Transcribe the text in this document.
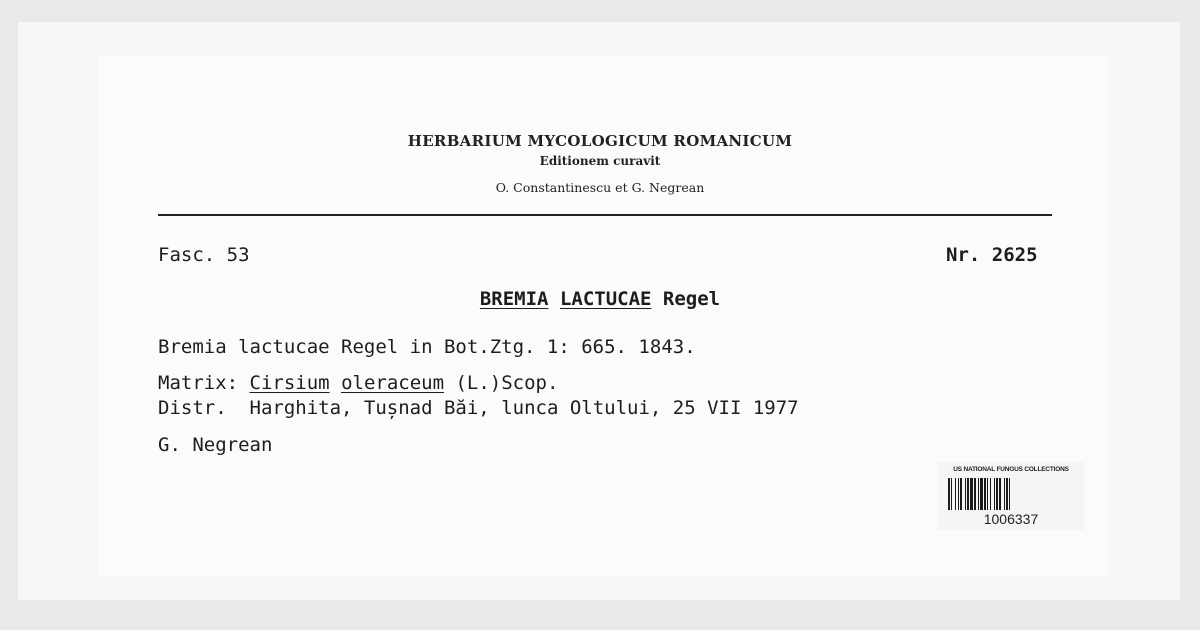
HERBARIUM MYCOLOGICUM ROMANICUM
Editionem curavit
O. Constantinescu et G. Negrean
Fasc. 53	Nr. 2625
BREMIA LACTUCAE Regel
Bremia lactucae Regel in Bot.Ztg. 1: 665. 1843.
Matrix: Cirsium oleraceum (L.)Scop.
Distr. Harghita, Tușnad Băi, lunca Oltului, 25 VII 1977
G. Negrean
US NATIONAL FUNGUS COLLECTIONS
1006337
